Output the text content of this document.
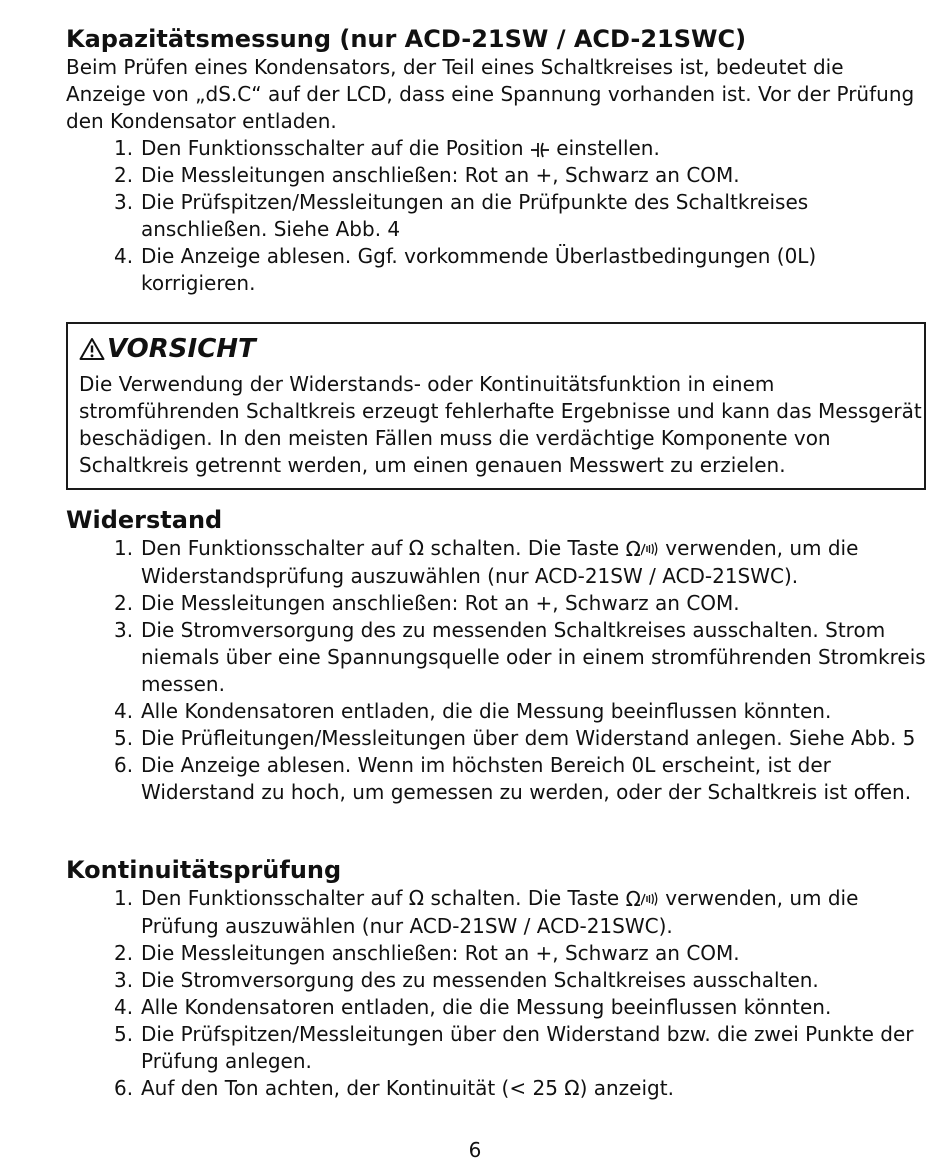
Kapazitätsmessung (nur ACD-21SW / ACD-21SWC)

Beim Prüfen eines Kondensators, der Teil eines Schaltkreises ist, bedeutet die Anzeige von „dS.C“ auf der LCD, dass eine Spannung vorhanden ist. Vor der Prüfung den Kondensator entladen.

1. Den Funktionsschalter auf die Position einstellen.
2. Die Messleitungen anschließen: Rot an +, Schwarz an COM.
3. Die Prüfspitzen/Messleitungen an die Prüfpunkte des Schaltkreises anschließen. Siehe Abb. 4
4. Die Anzeige ablesen. Ggf. vorkommende Überlastbedingungen (0L) korrigieren.
VORSICHT

Die Verwendung der Widerstands- oder Kontinuitätsfunktion in einem stromführenden Schaltkreis erzeugt fehlerhafte Ergebnisse und kann das Messgerät beschädigen. In den meisten Fällen muss die verdächtige Komponente von Schaltkreis getrennt werden, um einen genauen Messwert zu erzielen.

Widerstand
1. Den Funktionsschalter auf Ω schalten. Die Taste Ω verwenden, um die Widerstandsprüfung auszuwählen (nur ACD-21SW / ACD-21SWC).
2. Die Messleitungen anschließen: Rot an +, Schwarz an COM.
3. Die Stromversorgung des zu messenden Schaltkreises ausschalten. Strom niemals über eine Spannungsquelle oder in einem stromführenden Stromkreis messen.
4. Alle Kondensatoren entladen, die die Messung beeinflussen könnten.
5. Die Prüfleitungen/Messleitungen über dem Widerstand anlegen. Siehe Abb. 5
6. Die Anzeige ablesen. Wenn im höchsten Bereich 0L erscheint, ist der Widerstand zu hoch, um gemessen zu werden, oder der Schaltkreis ist offen.
Kontinuitätsprüfung
1. Den Funktionsschalter auf Ω schalten. Die Taste Ω verwenden, um die Prüfung auszuwählen (nur ACD-21SW / ACD-21SWC).
2. Die Messleitungen anschließen: Rot an +, Schwarz an COM.
3. Die Stromversorgung des zu messenden Schaltkreises ausschalten.
4. Alle Kondensatoren entladen, die die Messung beeinflussen könnten.
5. Die Prüfspitzen/Messleitungen über den Widerstand bzw. die zwei Punkte der Prüfung anlegen.
6. Auf den Ton achten, der Kontinuität (< 25 Ω) anzeigt.
6
